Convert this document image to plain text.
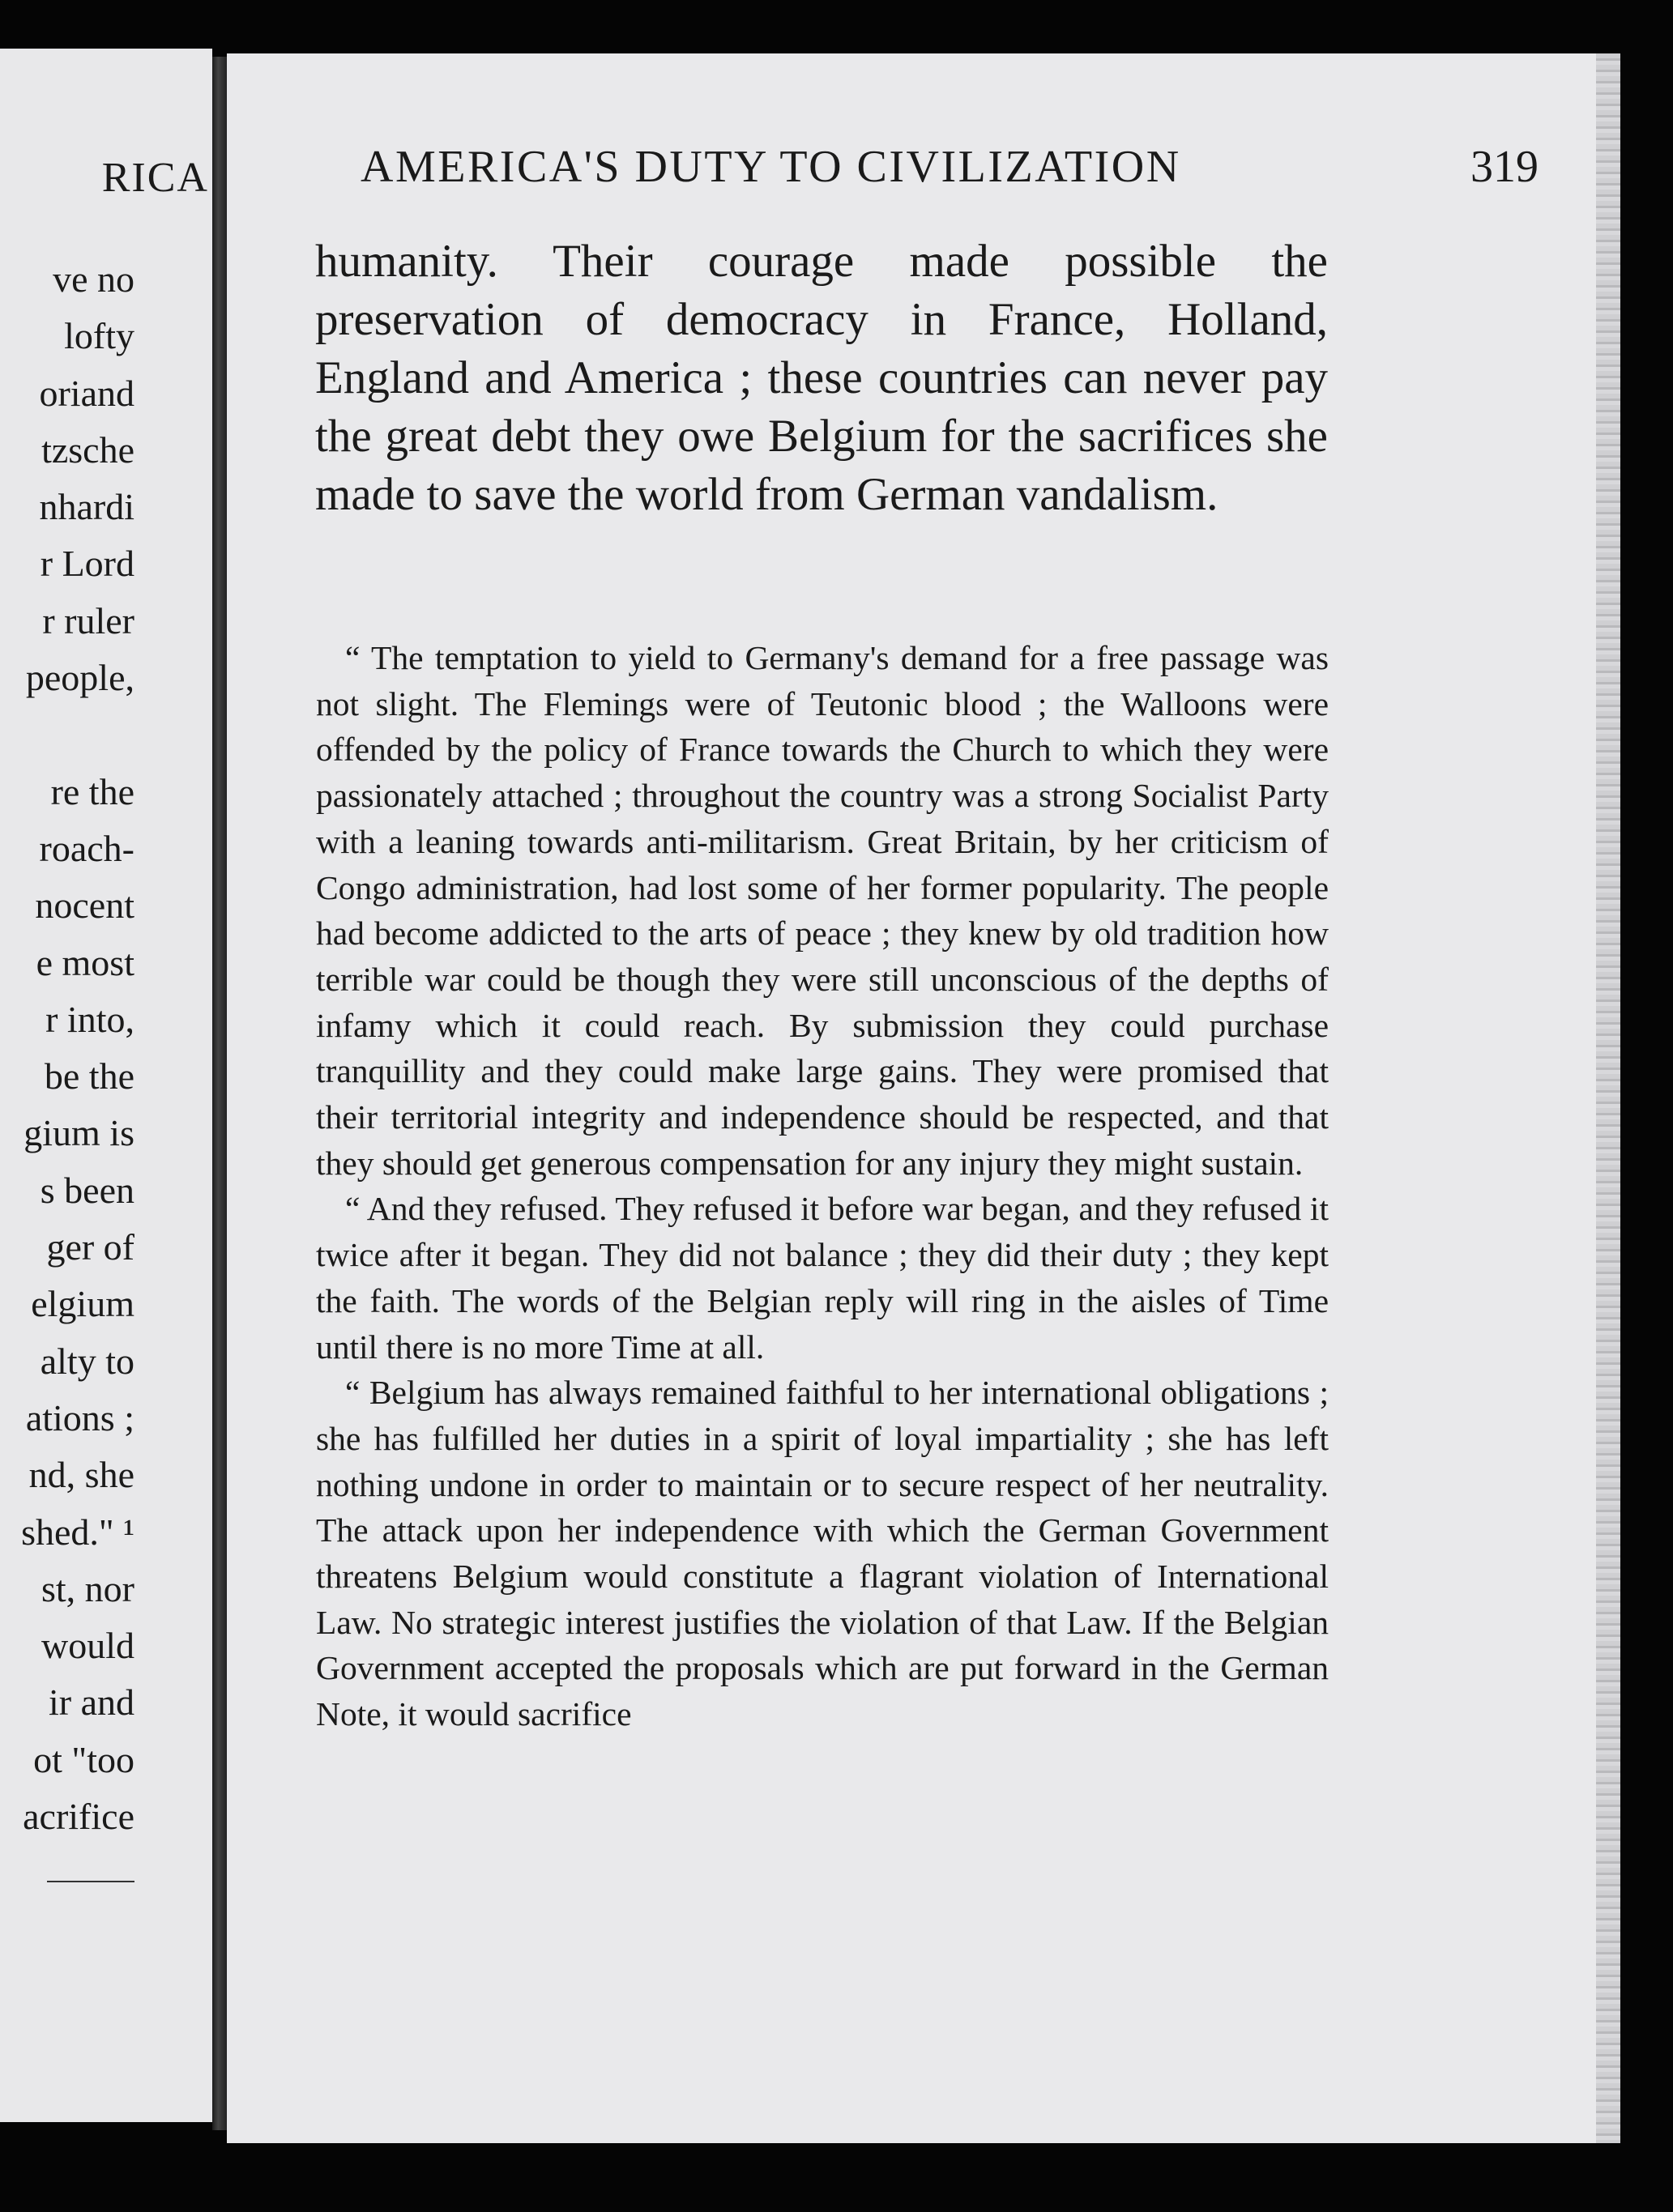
RICA
ve no
lofty
oriand
tzsche
nhardi
r Lord
r ruler
people,
re the
roach-
nocent
e most
r into,
be the
gium is
s been
ger of
elgium
alty to
ations ;
nd, she
shed." ¹
st, nor
would
ir and
ot "too
acrifice
AMERICA'S DUTY TO CIVILIZATION	319
humanity. Their courage made possible the preservation of democracy in France, Holland, England and America ; these countries can never pay the great debt they owe Belgium for the sacrifices she made to save the world from German vandalism.

“ The temptation to yield to Germany's demand for a free passage was not slight. The Flemings were of Teutonic blood ; the Walloons were offended by the policy of France towards the Church to which they were passionately attached ; throughout the country was a strong Socialist Party with a leaning towards anti-militarism. Great Britain, by her criticism of Congo administration, had lost some of her former popularity. The people had become addicted to the arts of peace ; they knew by old tradition how terrible war could be though they were still unconscious of the depths of infamy which it could reach. By submission they could purchase tranquillity and they could make large gains. They were promised that their territorial integrity and independence should be respected, and that they should get generous compensation for any injury they might sustain.

“ And they refused. They refused it before war began, and they refused it twice after it began. They did not balance ; they did their duty ; they kept the faith. The words of the Belgian reply will ring in the aisles of Time until there is no more Time at all.

“ Belgium has always remained faithful to her international obligations ; she has fulfilled her duties in a spirit of loyal impartiality ; she has left nothing undone in order to maintain or to secure respect of her neutrality. The attack upon her independence with which the German Government threatens Belgium would constitute a flagrant violation of International Law. No strategic interest justifies the violation of that Law. If the Belgian Government accepted the proposals which are put forward in the German Note, it would sacrifice
